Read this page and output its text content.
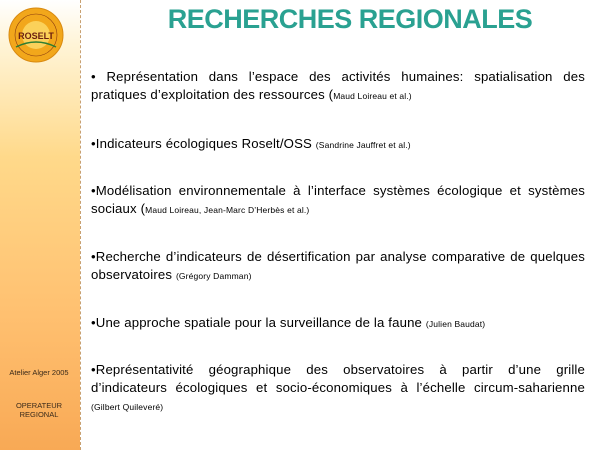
ROSELT
Atelier Alger 2005
OPERATEUR
REGIONAL
RECHERCHES REGIONALES
• Représentation dans l’espace des activités humaines: spatialisation des pratiques d’exploitation des ressources (Maud Loireau et al.)
•Indicateurs écologiques Roselt/OSS (Sandrine Jauffret et al.)
•Modélisation environnementale à l’interface systèmes écologique et systèmes sociaux (Maud Loireau, Jean-Marc D’Herbès et al.)
•Recherche d’indicateurs de désertification par analyse comparative de quelques observatoires (Grégory Damman)
•Une approche spatiale pour la surveillance de la faune (Julien Baudat)
•Représentativité géographique des observatoires à partir d’une grille d’indicateurs écologiques et socio-économiques à l’échelle circum-saharienne (Gilbert Quileveré)
